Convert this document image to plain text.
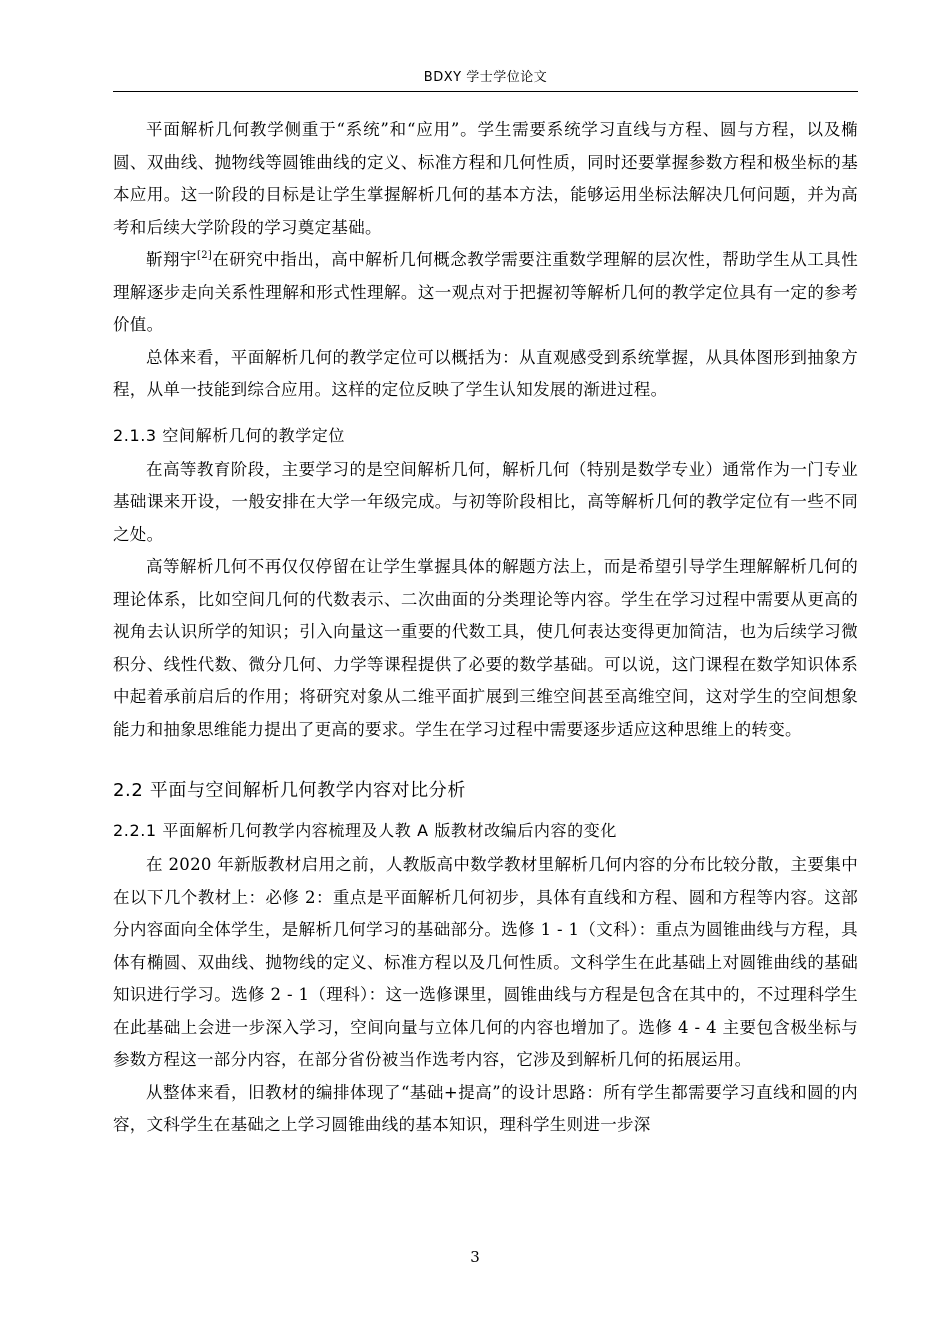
BDXY 学士学位论文

平面解析几何教学侧重于“系统”和“应用”。学生需要系统学习直线与方程、圆与方程，以及椭圆、双曲线、抛物线等圆锥曲线的定义、标准方程和几何性质，同时还要掌握参数方程和极坐标的基本应用。这一阶段的目标是让学生掌握解析几何的基本方法，能够运用坐标法解决几何问题，并为高考和后续大学阶段的学习奠定基础。

靳翔宇[2]在研究中指出，高中解析几何概念教学需要注重数学理解的层次性，帮助学生从工具性理解逐步走向关系性理解和形式性理解。这一观点对于把握初等解析几何的教学定位具有一定的参考价值。

总体来看，平面解析几何的教学定位可以概括为：从直观感受到系统掌握，从具体图形到抽象方程，从单一技能到综合应用。这样的定位反映了学生认知发展的渐进过程。

2.1.3 空间解析几何的教学定位

在高等教育阶段，主要学习的是空间解析几何，解析几何（特别是数学专业）通常作为一门专业基础课来开设，一般安排在大学一年级完成。与初等阶段相比，高等解析几何的教学定位有一些不同之处。

高等解析几何不再仅仅停留在让学生掌握具体的解题方法上，而是希望引导学生理解解析几何的理论体系，比如空间几何的代数表示、二次曲面的分类理论等内容。学生在学习过程中需要从更高的视角去认识所学的知识；引入向量这一重要的代数工具，使几何表达变得更加简洁，也为后续学习微积分、线性代数、微分几何、力学等课程提供了必要的数学基础。可以说，这门课程在数学知识体系中起着承前启后的作用；将研究对象从二维平面扩展到三维空间甚至高维空间，这对学生的空间想象能力和抽象思维能力提出了更高的要求。学生在学习过程中需要逐步适应这种思维上的转变。

2.2 平面与空间解析几何教学内容对比分析
2.2.1 平面解析几何教学内容梳理及人教 A 版教材改编后内容的变化

在 2020 年新版教材启用之前，人教版高中数学教材里解析几何内容的分布比较分散，主要集中在以下几个教材上：必修 2：重点是平面解析几何初步，具体有直线和方程、圆和方程等内容。这部分内容面向全体学生，是解析几何学习的基础部分。选修 1 - 1（文科）：重点为圆锥曲线与方程，具体有椭圆、双曲线、抛物线的定义、标准方程以及几何性质。文科学生在此基础上对圆锥曲线的基础知识进行学习。选修 2 - 1（理科）：这一选修课里，圆锥曲线与方程是包含在其中的，不过理科学生在此基础上会进一步深入学习，空间向量与立体几何的内容也增加了。选修 4 - 4 主要包含极坐标与参数方程这一部分内容，在部分省份被当作选考内容，它涉及到解析几何的拓展运用。

从整体来看，旧教材的编排体现了“基础+提高”的设计思路：所有学生都需要学习直线和圆的内容，文科学生在基础之上学习圆锥曲线的基本知识，理科学生则进一步深

3
